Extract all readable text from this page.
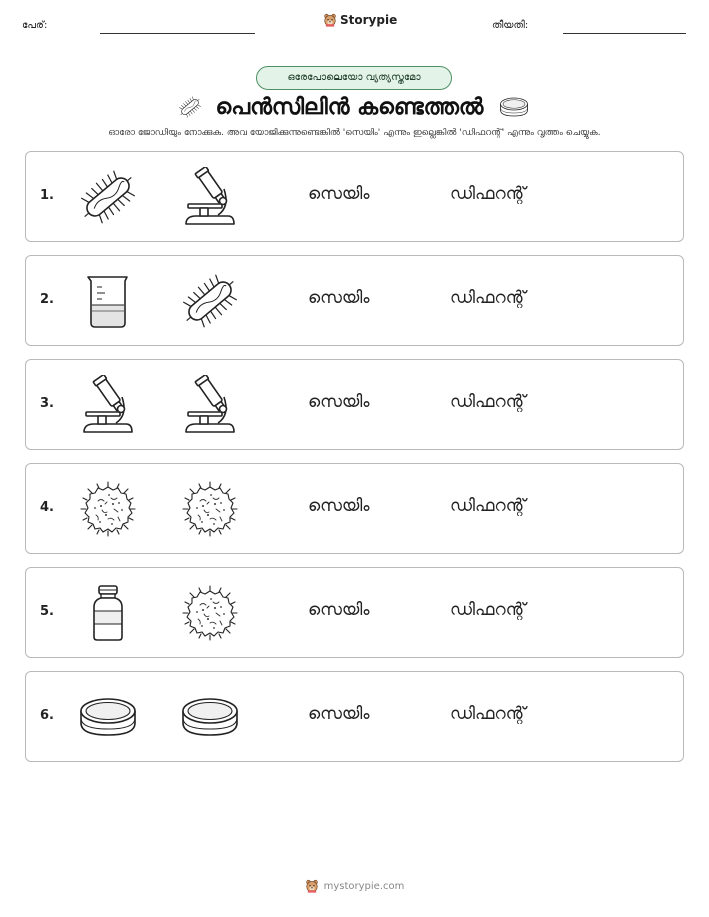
പേര്:	Storypie	തീയതി:
ഒരേപോലെയോ വ്യത്യസ്തമോ
പെൻസിലിൻ കണ്ടെത്തൽ
ഓരോ ജോഡിയും നോക്കുക. അവ യോജിക്കുന്നുണ്ടെങ്കിൽ 'സെയിം' എന്നും ഇല്ലെങ്കിൽ 'ഡിഫറന്റ്' എന്നും വൃത്തം ചെയ്യുക.
1.	സെയിം	ഡിഫറന്റ്
2.	സെയിം	ഡിഫറന്റ്
3.	സെയിം	ഡിഫറന്റ്
4.	സെയിം	ഡിഫറന്റ്
5.	സെയിം	ഡിഫറന്റ്
6.	സെയിം	ഡിഫറന്റ്
mystorypie.com
